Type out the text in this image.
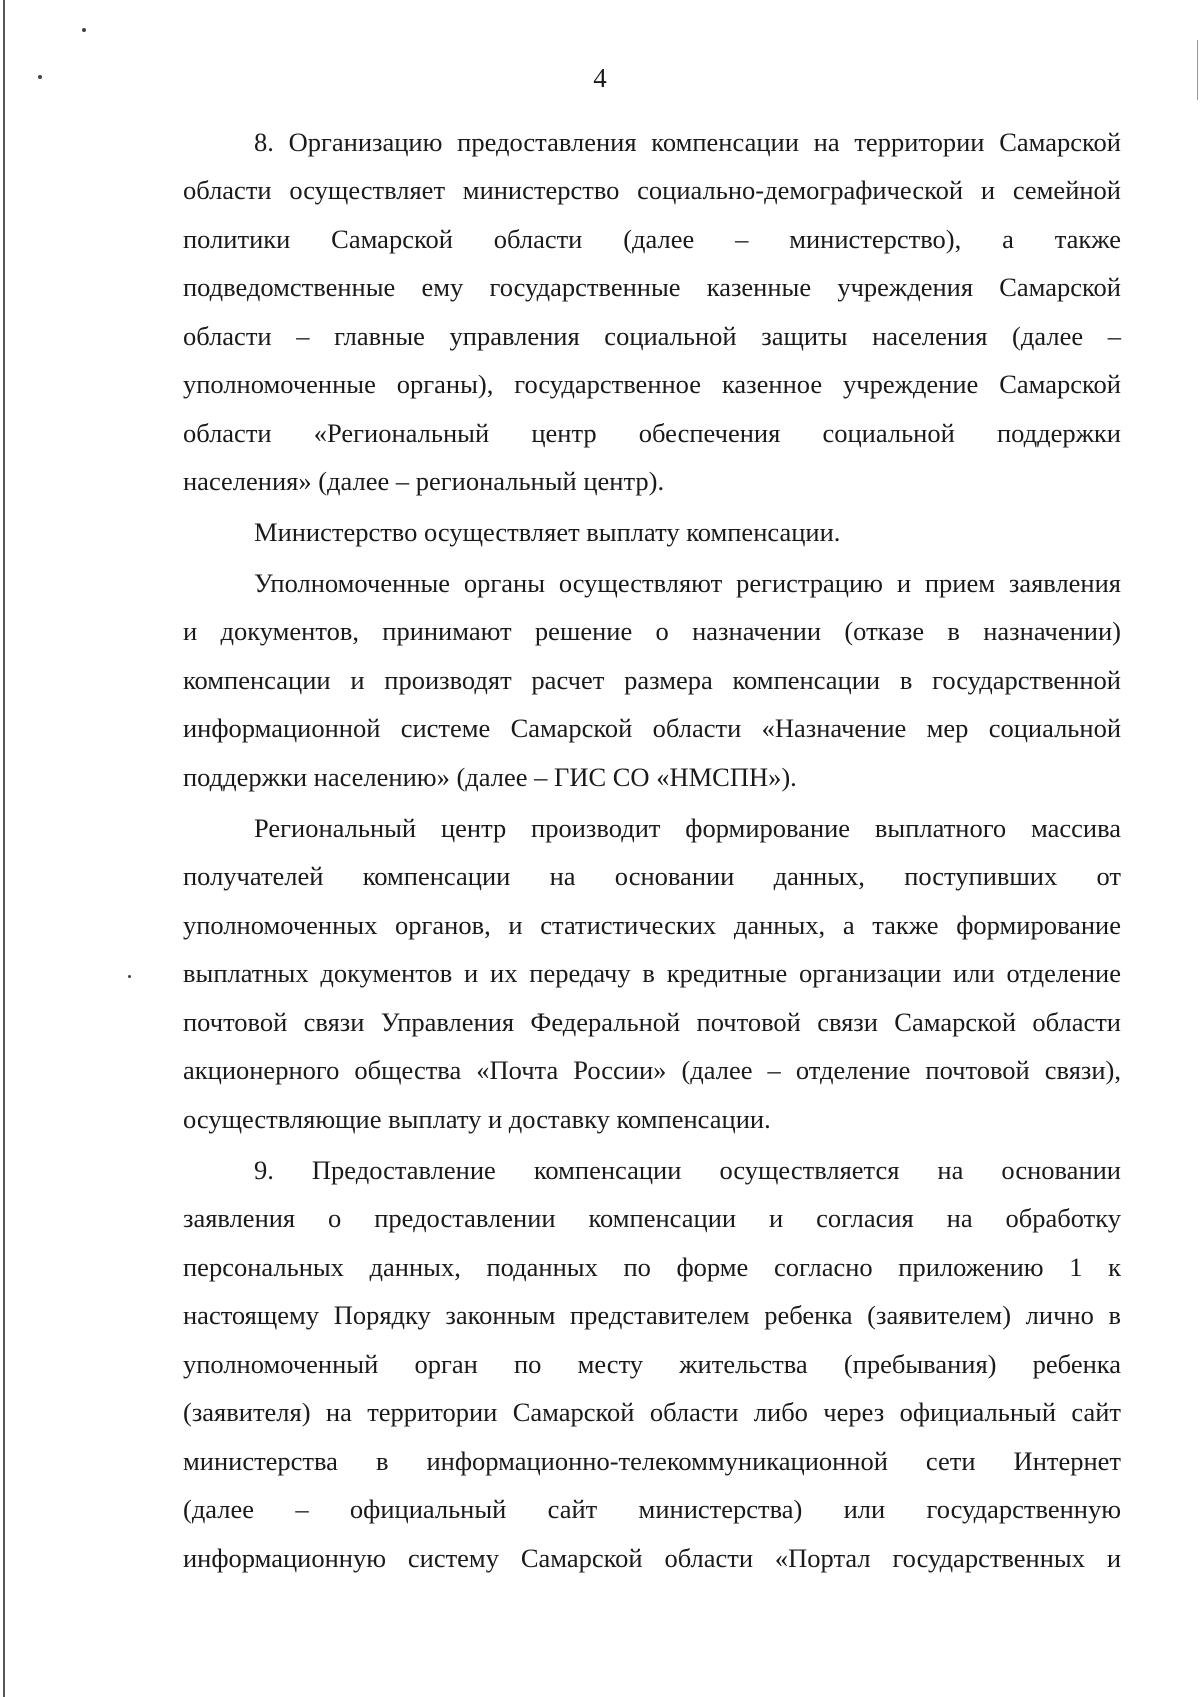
4
8. Организацию предоставления компенсации на территории Самарской
области осуществляет министерство социально-демографической и семейной
политики Самарской области (далее – министерство), а также
подведомственные ему государственные казенные учреждения Самарской
области – главные управления социальной защиты населения (далее –
уполномоченные органы), государственное казенное учреждение Самарской
области «Региональный центр обеспечения социальной поддержки
населения» (далее – региональный центр).
Министерство осуществляет выплату компенсации.
Уполномоченные органы осуществляют регистрацию и прием заявления
и документов, принимают решение о назначении (отказе в назначении)
компенсации и производят расчет размера компенсации в государственной
информационной системе Самарской области «Назначение мер социальной
поддержки населению» (далее – ГИС СО «НМСПН»).
Региональный центр производит формирование выплатного массива
получателей компенсации на основании данных, поступивших от
уполномоченных органов, и статистических данных, а также формирование
выплатных документов и их передачу в кредитные организации или отделение
почтовой связи Управления Федеральной почтовой связи Самарской области
акционерного общества «Почта России» (далее – отделение почтовой связи),
осуществляющие выплату и доставку компенсации.
9. Предоставление компенсации осуществляется на основании
заявления о предоставлении компенсации и согласия на обработку
персональных данных, поданных по форме согласно приложению 1 к
настоящему Порядку законным представителем ребенка (заявителем) лично в
уполномоченный орган по месту жительства (пребывания) ребенка
(заявителя) на территории Самарской области либо через официальный сайт
министерства в информационно-телекоммуникационной сети Интернет
(далее – официальный сайт министерства) или государственную
информационную систему Самарской области «Портал государственных и
